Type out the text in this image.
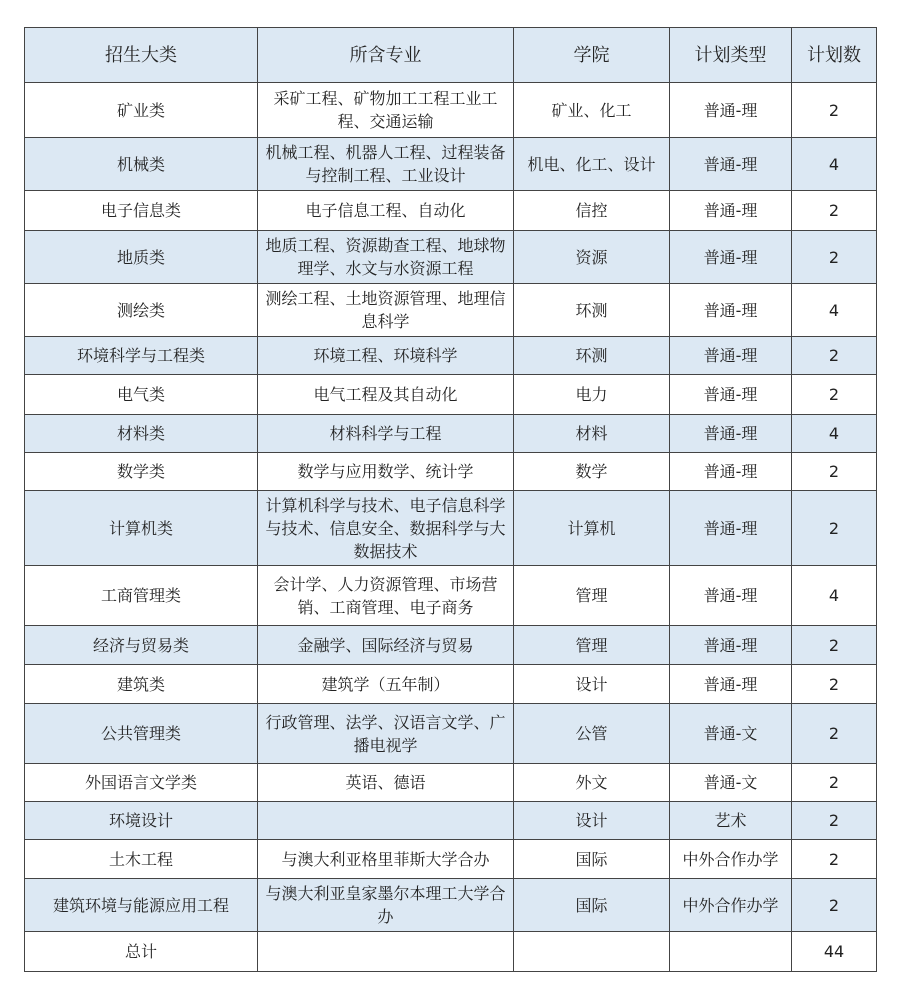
招生大类	所含专业	学院	计划类型	计划数
矿业类	采矿工程、矿物加工工程工业工程、交通运输	矿业、化工	普通-理	2
机械类	机械工程、机器人工程、过程装备与控制工程、工业设计	机电、化工、设计	普通-理	4
电子信息类	电子信息工程、自动化	信控	普通-理	2
地质类	地质工程、资源勘查工程、地球物理学、水文与水资源工程	资源	普通-理	2
测绘类	测绘工程、土地资源管理、地理信息科学	环测	普通-理	4
环境科学与工程类	环境工程、环境科学	环测	普通-理	2
电气类	电气工程及其自动化	电力	普通-理	2
材料类	材料科学与工程	材料	普通-理	4
数学类	数学与应用数学、统计学	数学	普通-理	2
计算机类	计算机科学与技术、电子信息科学与技术、信息安全、数据科学与大数据技术	计算机	普通-理	2
工商管理类	会计学、人力资源管理、市场营销、工商管理、电子商务	管理	普通-理	4
经济与贸易类	金融学、国际经济与贸易	管理	普通-理	2
建筑类	建筑学（五年制）	设计	普通-理	2
公共管理类	行政管理、法学、汉语言文学、广播电视学	公管	普通-文	2
外国语言文学类	英语、德语	外文	普通-文	2
环境设计		设计	艺术	2
土木工程	与澳大利亚格里菲斯大学合办	国际	中外合作办学	2
建筑环境与能源应用工程	与澳大利亚皇家墨尔本理工大学合办	国际	中外合作办学	2
总计				44
